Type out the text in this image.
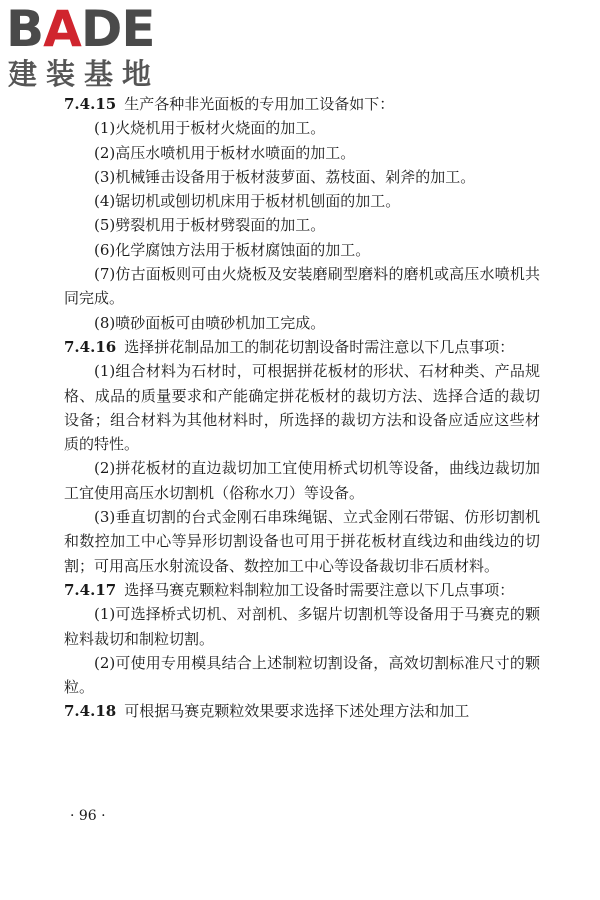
BADE
建装基地

7.4.15 生产各种非光面板的专用加工设备如下：

(1)火烧机用于板材火烧面的加工。

(2)高压水喷机用于板材水喷面的加工。

(3)机械锤击设备用于板材菠萝面、荔枝面、剁斧的加工。

(4)锯切机或刨切机床用于板材机刨面的加工。

(5)劈裂机用于板材劈裂面的加工。

(6)化学腐蚀方法用于板材腐蚀面的加工。

(7)仿古面板则可由火烧板及安装磨刷型磨料的磨机或高压水喷机共同完成。

(8)喷砂面板可由喷砂机加工完成。

7.4.16 选择拼花制品加工的制花切割设备时需注意以下几点事项：

(1)组合材料为石材时，可根据拼花板材的形状、石材种类、产品规格、成品的质量要求和产能确定拼花板材的裁切方法、选择合适的裁切设备；组合材料为其他材料时，所选择的裁切方法和设备应适应这些材质的特性。

(2)拼花板材的直边裁切加工宜使用桥式切机等设备，曲线边裁切加工宜使用高压水切割机（俗称水刀）等设备。

(3)垂直切割的台式金刚石串珠绳锯、立式金刚石带锯、仿形切割机和数控加工中心等异形切割设备也可用于拼花板材直线边和曲线边的切割；可用高压水射流设备、数控加工中心等设备裁切非石质材料。

7.4.17 选择马赛克颗粒料制粒加工设备时需要注意以下几点事项：

(1)可选择桥式切机、对剖机、多锯片切割机等设备用于马赛克的颗粒料裁切和制粒切割。

(2)可使用专用模具结合上述制粒切割设备，高效切割标准尺寸的颗粒。

7.4.18 可根据马赛克颗粒效果要求选择下述处理方法和加工

· 96 ·
